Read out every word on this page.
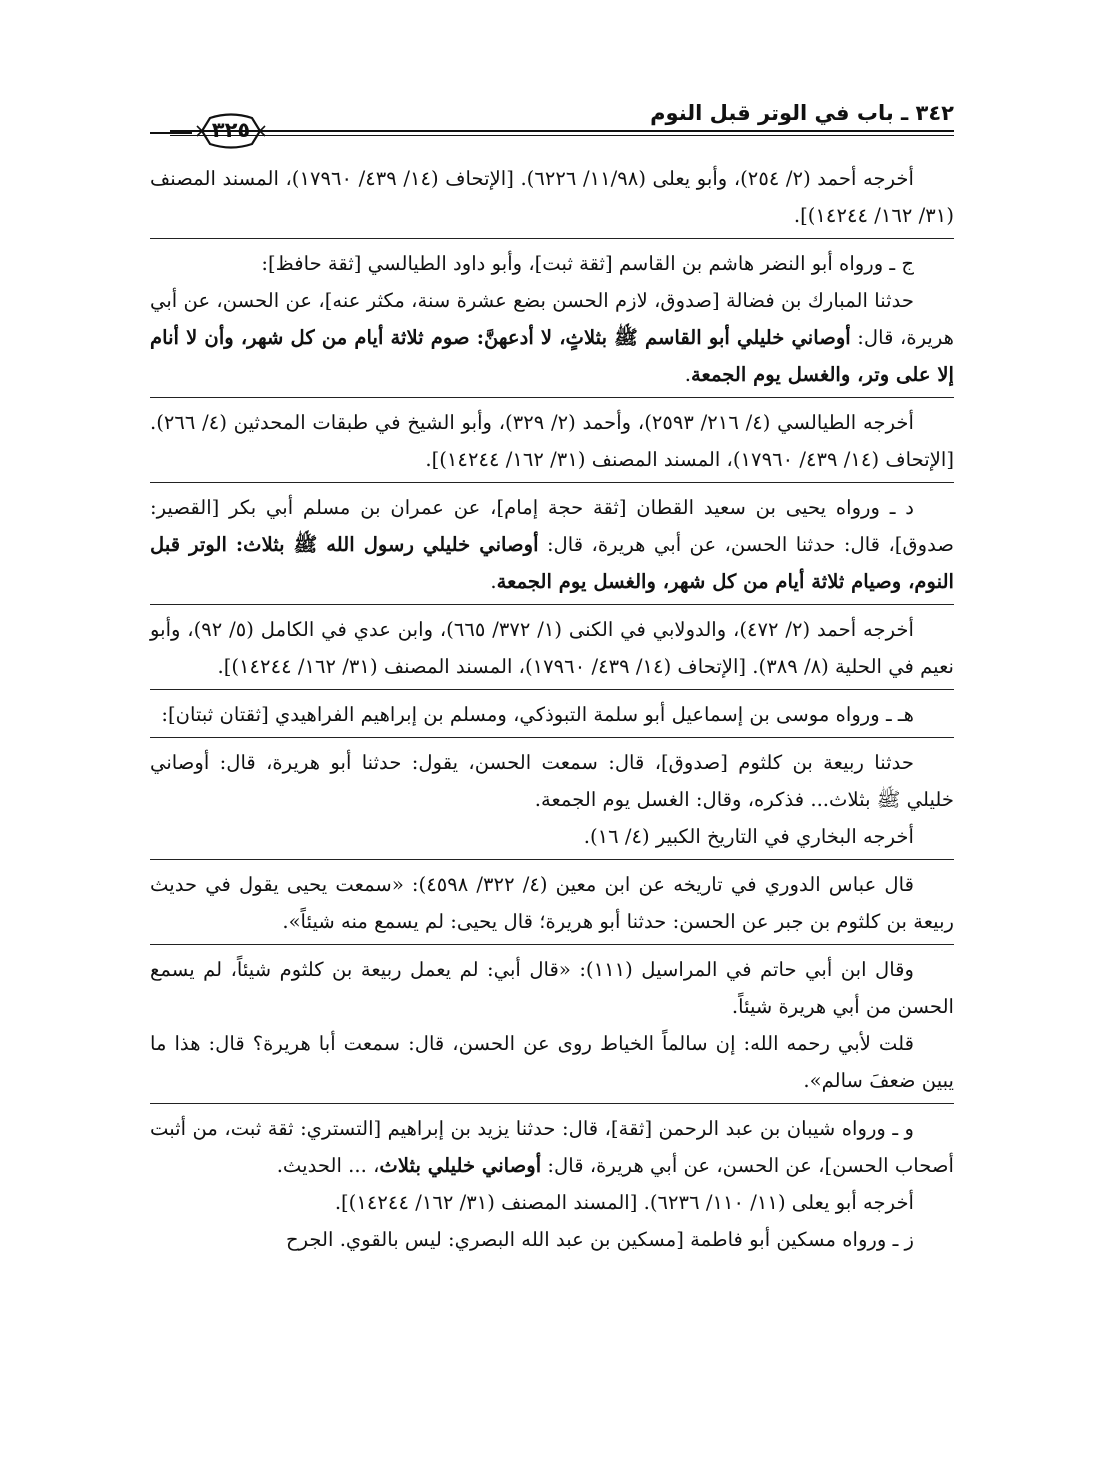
٣٤٢ ـ باب في الوتر قبل النوم
٣٢٥

أخرجه أحمد (٢/ ٢٥٤)، وأبو يعلى (١١/٩٨/ ٦٢٢٦). [الإتحاف (١٤/ ٤٣٩/ ١٧٩٦٠)، المسند المصنف (٣١/ ١٦٢/ ١٤٢٤٤)].

ج ـ ورواه أبو النضر هاشم بن القاسم [ثقة ثبت]، وأبو داود الطيالسي [ثقة حافظ]:

حدثنا المبارك بن فضالة [صدوق، لازم الحسن بضع عشرة سنة، مكثر عنه]، عن الحسن، عن أبي هريرة، قال: أوصاني خليلي أبو القاسم ﷺ بثلاثٍ، لا أدعهنَّ: صوم ثلاثة أيام من كل شهر، وأن لا أنام إلا على وتر، والغسل يوم الجمعة.

أخرجه الطيالسي (٤/ ٢١٦/ ٢٥٩٣)، وأحمد (٢/ ٣٢٩)، وأبو الشيخ في طبقات المحدثين (٤/ ٢٦٦). [الإتحاف (١٤/ ٤٣٩/ ١٧٩٦٠)، المسند المصنف (٣١/ ١٦٢/ ١٤٢٤٤)].

د ـ ورواه يحيى بن سعيد القطان [ثقة حجة إمام]، عن عمران بن مسلم أبي بكر [القصير: صدوق]، قال: حدثنا الحسن، عن أبي هريرة، قال: أوصاني خليلي رسول الله ﷺ بثلاث: الوتر قبل النوم، وصيام ثلاثة أيام من كل شهر، والغسل يوم الجمعة.

أخرجه أحمد (٢/ ٤٧٢)، والدولابي في الكنى (١/ ٣٧٢/ ٦٦٥)، وابن عدي في الكامل (٥/ ٩٢)، وأبو نعيم في الحلية (٨/ ٣٨٩). [الإتحاف (١٤/ ٤٣٩/ ١٧٩٦٠)، المسند المصنف (٣١/ ١٦٢/ ١٤٢٤٤)].

هـ ـ ورواه موسى بن إسماعيل أبو سلمة التبوذكي، ومسلم بن إبراهيم الفراهيدي [ثقتان ثبتان]:

حدثنا ربيعة بن كلثوم [صدوق]، قال: سمعت الحسن، يقول: حدثنا أبو هريرة، قال: أوصاني خليلي ﷺ بثلاث... فذكره، وقال: الغسل يوم الجمعة.

أخرجه البخاري في التاريخ الكبير (٤/ ١٦).

قال عباس الدوري في تاريخه عن ابن معين (٤/ ٣٢٢/ ٤٥٩٨): «سمعت يحيى يقول في حديث ربيعة بن كلثوم بن جبر عن الحسن: حدثنا أبو هريرة؛ قال يحيى: لم يسمع منه شيئاً».

وقال ابن أبي حاتم في المراسيل (١١١): «قال أبي: لم يعمل ربيعة بن كلثوم شيئاً، لم يسمع الحسن من أبي هريرة شيئاً.

قلت لأبي رحمه الله: إن سالماً الخياط روى عن الحسن، قال: سمعت أبا هريرة؟ قال: هذا ما يبين ضعفَ سالم».

و ـ ورواه شيبان بن عبد الرحمن [ثقة]، قال: حدثنا يزيد بن إبراهيم [التستري: ثقة ثبت، من أثبت أصحاب الحسن]، عن الحسن، عن أبي هريرة، قال: أوصاني خليلي بثلاث، ... الحديث.

أخرجه أبو يعلى (١١/ ١١٠/ ٦٢٣٦). [المسند المصنف (٣١/ ١٦٢/ ١٤٢٤٤)].

ز ـ ورواه مسكين أبو فاطمة [مسكين بن عبد الله البصري: ليس بالقوي. الجرح
